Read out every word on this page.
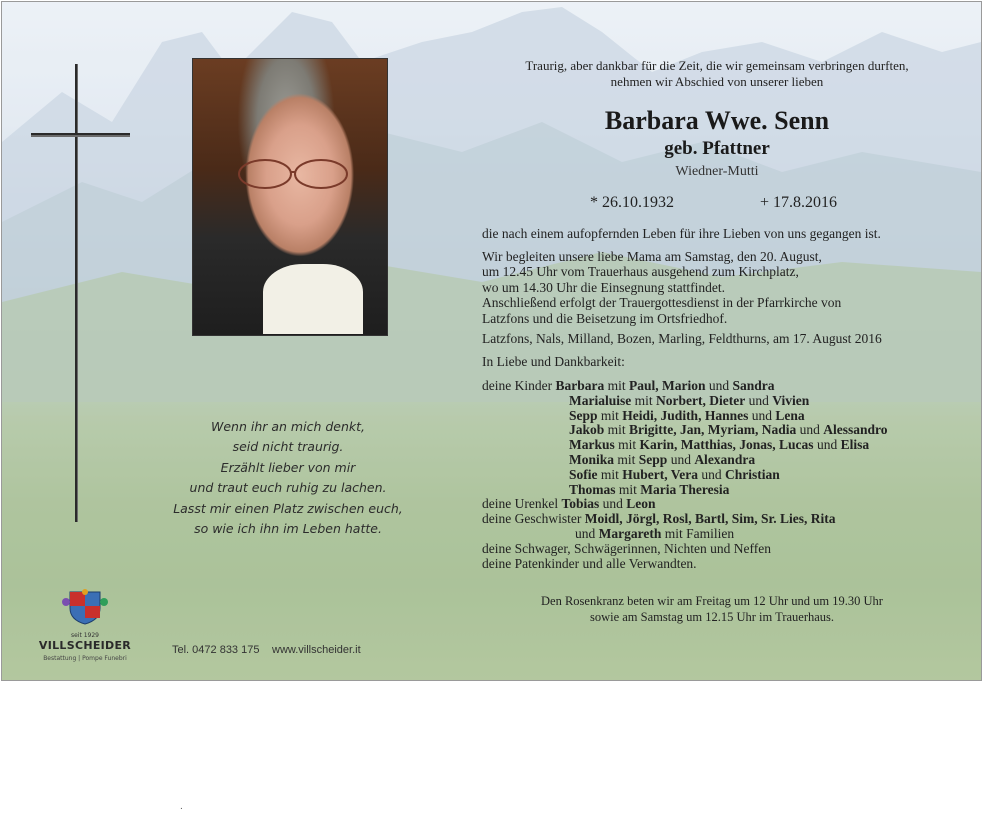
Wenn ihr an mich denkt,
seid nicht traurig.
Erzählt lieber von mir
und traut euch ruhig zu lachen.
Lasst mir einen Platz zwischen euch,
so wie ich ihn im Leben hatte.
Traurig, aber dankbar für die Zeit, die wir gemeinsam verbringen durften,
nehmen wir Abschied von unserer lieben
Barbara Wwe. Senn
geb. Pfattner
Wiedner-Mutti
* 26.10.1932	+ 17.8.2016
die nach einem aufopfernden Leben für ihre Lieben von uns gegangen ist.
Wir begleiten unsere liebe Mama am Samstag, den 20. August,
um 12.45 Uhr vom Trauerhaus ausgehend zum Kirchplatz,
wo um 14.30 Uhr die Einsegnung stattfindet.
Anschließend erfolgt der Trauergottesdienst in der Pfarrkirche von
Latzfons und die Beisetzung im Ortsfriedhof.
Latzfons, Nals, Milland, Bozen, Marling, Feldthurns, am 17. August 2016
In Liebe und Dankbarkeit:
deine Kinder Barbara mit Paul, Marion und Sandra
Marialuise mit Norbert, Dieter und Vivien
Sepp mit Heidi, Judith, Hannes und Lena
Jakob mit Brigitte, Jan, Myriam, Nadia und Alessandro
Markus mit Karin, Matthias, Jonas, Lucas und Elisa
Monika mit Sepp und Alexandra
Sofie mit Hubert, Vera und Christian
Thomas mit Maria Theresia
deine Urenkel Tobias und Leon
deine Geschwister Moidl, Jörgl, Rosl, Bartl, Sim, Sr. Lies, Rita
und Margareth mit Familien
deine Schwager, Schwägerinnen, Nichten und Neffen
deine Patenkinder und alle Verwandten.
Den Rosenkranz beten wir am Freitag um 12 Uhr und um 19.30 Uhr
sowie am Samstag um 12.15 Uhr im Trauerhaus.
seit 1929
VILLSCHEIDER
Bestattung | Pompe Funebri
Tel. 0472 833 175 www.villscheider.it
.
